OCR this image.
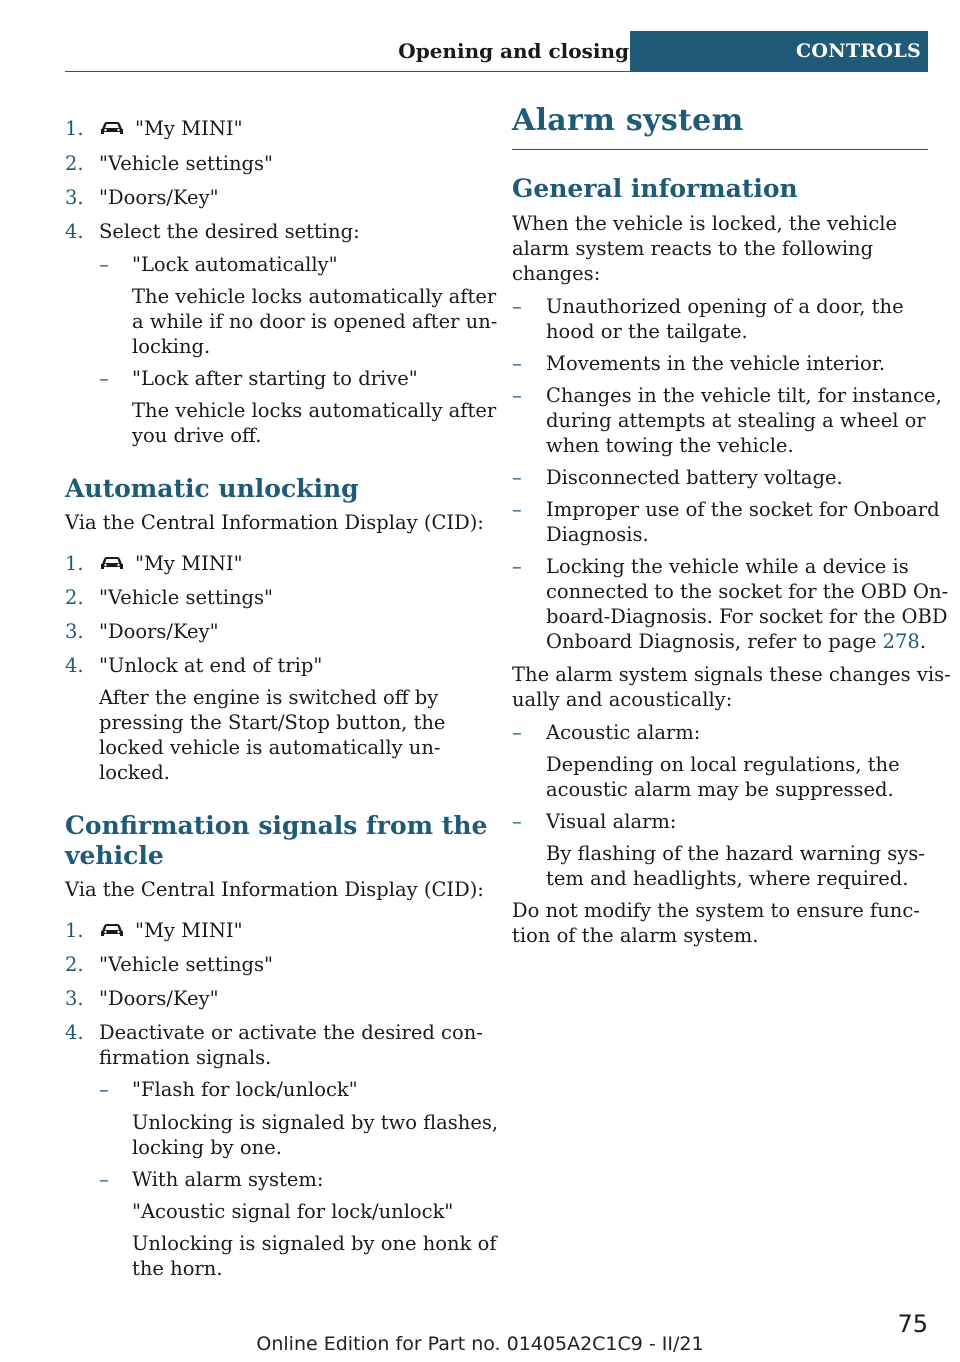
Opening and closing	CONTROLS
1.	"My MINI"
2. "Vehicle settings"
3. "Doors/Key"
4. Select the desired setting:
– "Lock automatically"
The vehicle locks automatically after
a while if no door is opened after un-
locking.
– "Lock after starting to drive"
The vehicle locks automatically after
you drive off.
Automatic unlocking
Via the Central Information Display (CID):
1.	"My MINI"
2. "Vehicle settings"
3. "Doors/Key"
4. "Unlock at end of trip"
After the engine is switched off by
pressing the Start/Stop button, the
locked vehicle is automatically un-
locked.
Confirmation signals from the
vehicle
Via the Central Information Display (CID):
1.	"My MINI"
2. "Vehicle settings"
3. "Doors/Key"
4. Deactivate or activate the desired con-
firmation signals.
– "Flash for lock/unlock"
Unlocking is signaled by two flashes,
locking by one.
– With alarm system:
"Acoustic signal for lock/unlock"
Unlocking is signaled by one honk of
the horn.
Alarm system
General information
When the vehicle is locked, the vehicle
alarm system reacts to the following
changes:
– Unauthorized opening of a door, the
hood or the tailgate.
– Movements in the vehicle interior.
– Changes in the vehicle tilt, for instance,
during attempts at stealing a wheel or
when towing the vehicle.
– Disconnected battery voltage.
– Improper use of the socket for Onboard
Diagnosis.
– Locking the vehicle while a device is
connected to the socket for the OBD On-
board-Diagnosis. For socket for the OBD
Onboard Diagnosis, refer to page 278.
The alarm system signals these changes vis-
ually and acoustically:
– Acoustic alarm:
Depending on local regulations, the
acoustic alarm may be suppressed.
– Visual alarm:
By flashing of the hazard warning sys-
tem and headlights, where required.
Do not modify the system to ensure func-
tion of the alarm system.
Online Edition for Part no. 01405A2C1C9 - II/21
75
